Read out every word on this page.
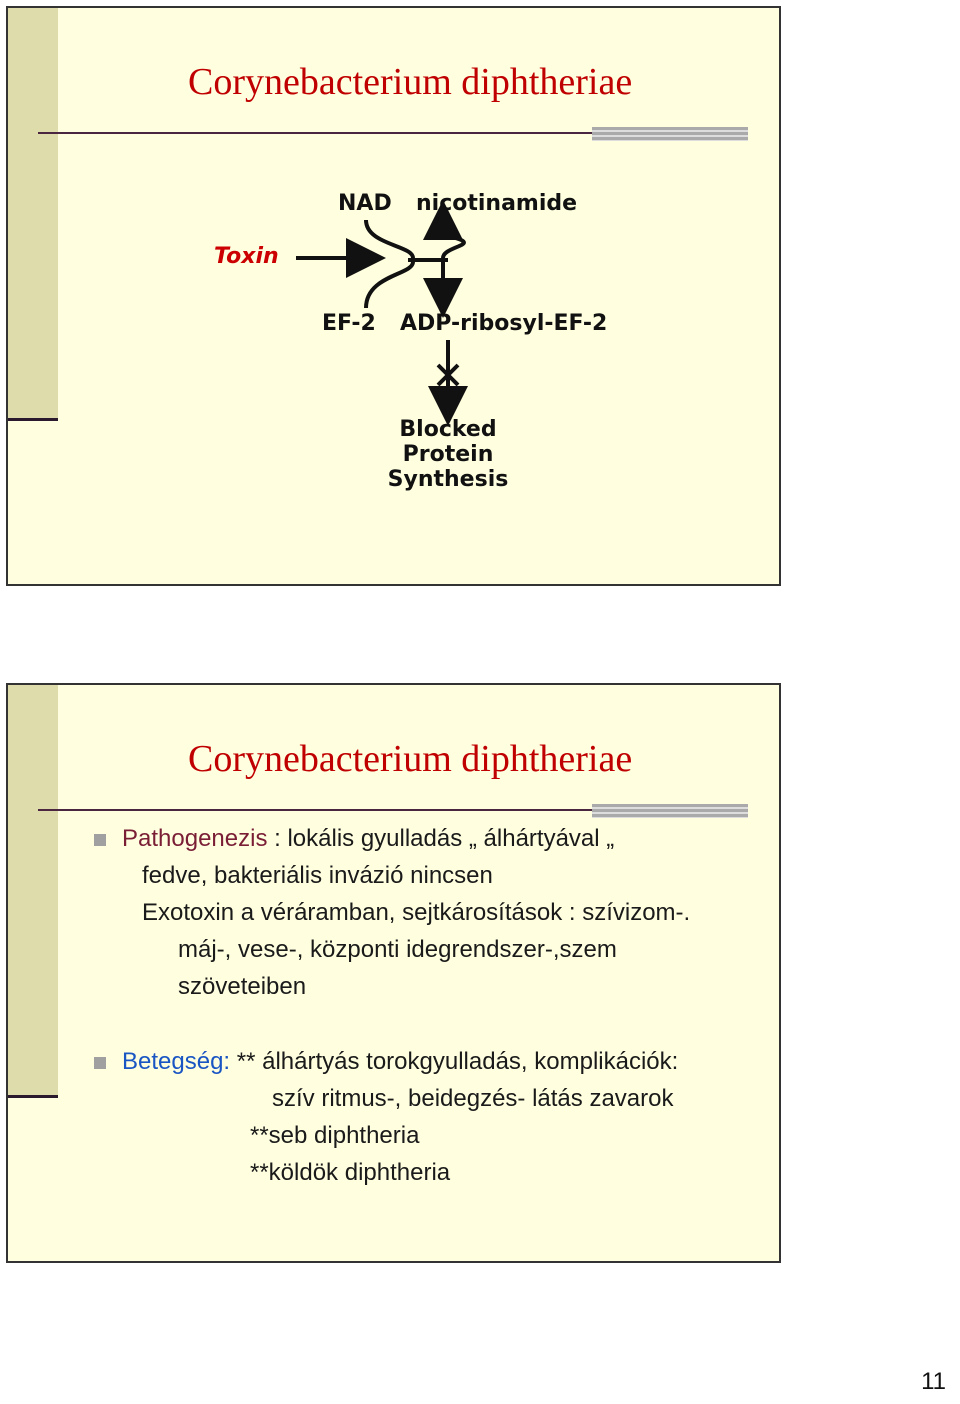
Corynebacterium diphtheriae
NAD nicotinamide
Toxin
EF-2 ADP-ribosyl-EF-2
Blocked
Protein
Synthesis
Corynebacterium diphtheriae
Pathogenezis : lokális gyulladás „ álhártyával „
fedve, bakteriális invázió nincsen
Exotoxin a véráramban, sejtkárosítások : szívizom-.
máj-, vese-, központi idegrendszer-,szem
szöveteiben
Betegség: ** álhártyás torokgyulladás, komplikációk:
szív ritmus-, beidegzés- látás zavarok
**seb diphtheria
**köldök diphtheria
11
